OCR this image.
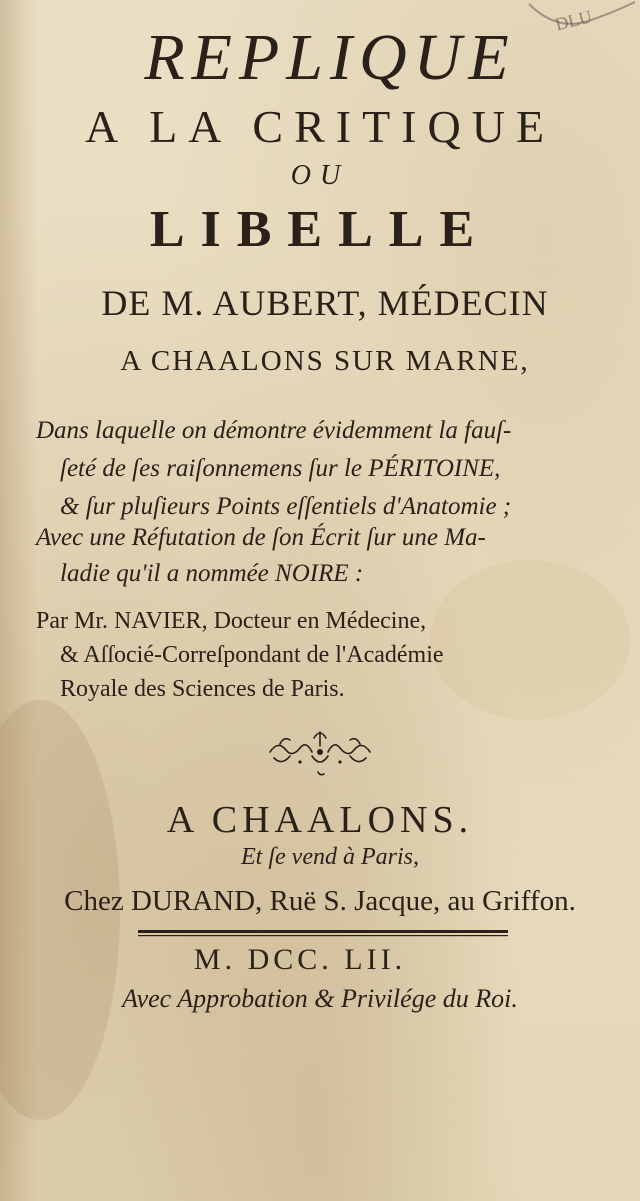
DLU
REPLIQUE
A LA CRITIQUE
OU
LIBELLE
DE M. AUBERT, MÉDECIN
A CHAALONS SUR MARNE,
Dans laquelle on démontre évidemment la fauſ-
ſeté de ſes raiſonnemens ſur le PÉRITOINE,
& ſur pluſieurs Points eſſentiels d'Anatomie ;
Avec une Réfutation de ſon Écrit ſur une Ma-
ladie qu'il a nommée NOIRE :
Par Mr. NAVIER, Docteur en Médecine,
& Aſſocié-Correſpondant de l'Académie
Royale des Sciences de Paris.
A CHAALONS.
Et ſe vend à Paris,
Chez DURAND, Ruë S. Jacque, au Griffon.
M. DCC. LII.
Avec Approbation & Privilége du Roi.
